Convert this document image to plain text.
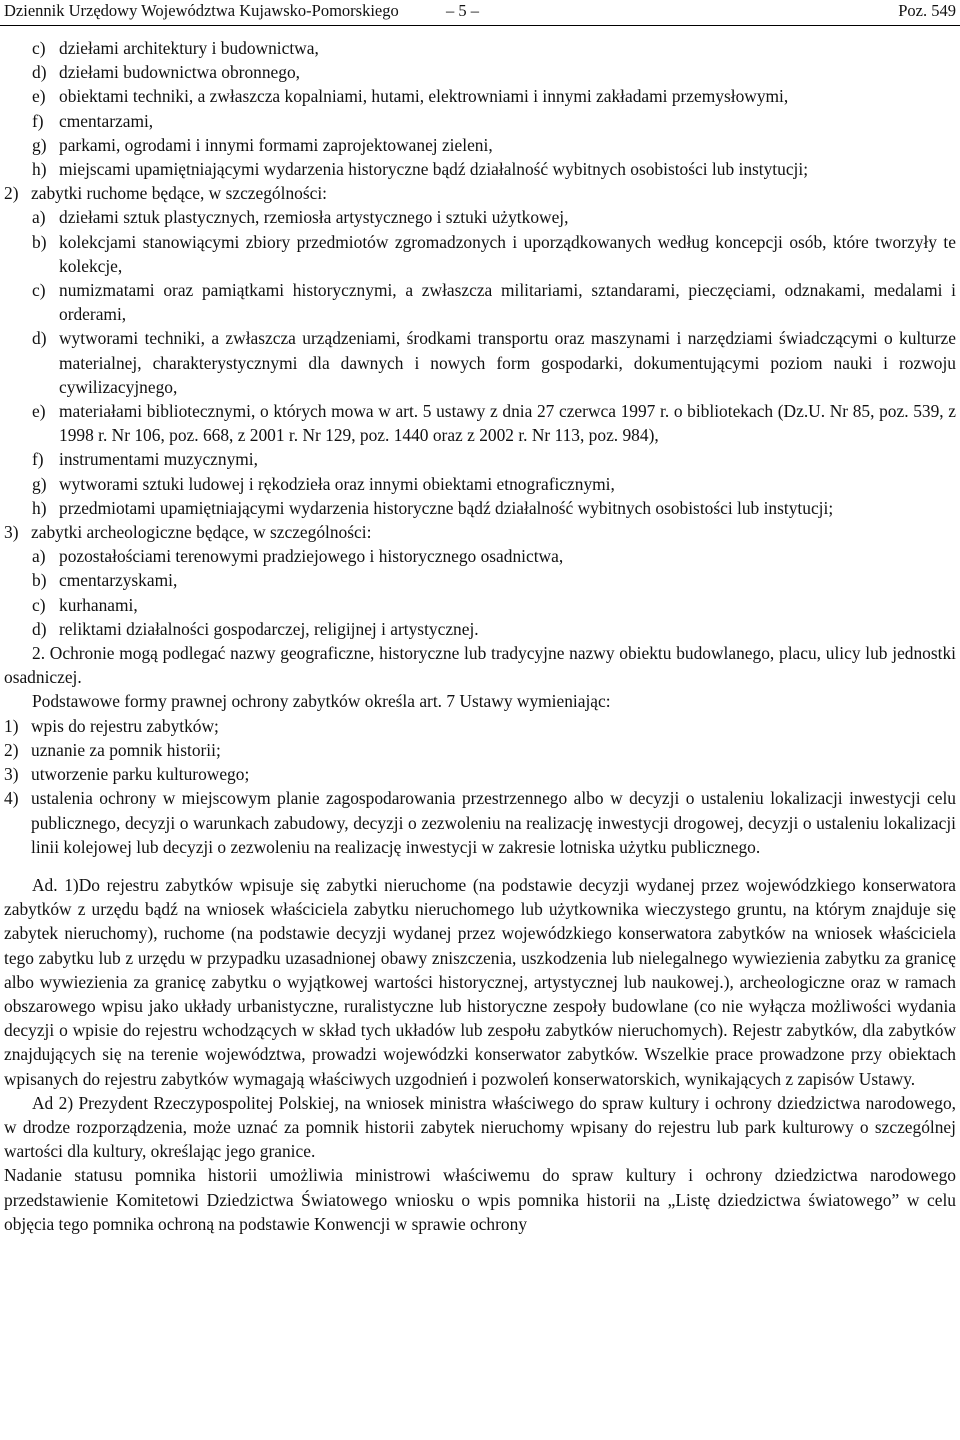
Dziennik Urzędowy Województwa Kujawsko-Pomorskiego	– 5 –	Poz. 549
c) dziełami architektury i budownictwa,
d) dziełami budownictwa obronnego,
e) obiektami techniki, a zwłaszcza kopalniami, hutami, elektrowniami i innymi zakładami przemysłowymi,
f) cmentarzami,
g) parkami, ogrodami i innymi formami zaprojektowanej zieleni,
h) miejscami upamiętniającymi wydarzenia historyczne bądź działalność wybitnych osobistości lub instytucji;
2) zabytki ruchome będące, w szczególności:
a) dziełami sztuk plastycznych, rzemiosła artystycznego i sztuki użytkowej,
b) kolekcjami stanowiącymi zbiory przedmiotów zgromadzonych i uporządkowanych według koncepcji osób, które tworzyły te kolekcje,
c) numizmatami oraz pamiątkami historycznymi, a zwłaszcza militariami, sztandarami, pieczęciami, odznakami, medalami i orderami,
d) wytworami techniki, a zwłaszcza urządzeniami, środkami transportu oraz maszynami i narzędziami świadczącymi o kulturze materialnej, charakterystycznymi dla dawnych i nowych form gospodarki, dokumentującymi poziom nauki i rozwoju cywilizacyjnego,
e) materiałami bibliotecznymi, o których mowa w art. 5 ustawy z dnia 27 czerwca 1997 r. o bibliotekach (Dz.U. Nr 85, poz. 539, z 1998 r. Nr 106, poz. 668, z 2001 r. Nr 129, poz. 1440 oraz z 2002 r. Nr 113, poz. 984),
f) instrumentami muzycznymi,
g) wytworami sztuki ludowej i rękodzieła oraz innymi obiektami etnograficznymi,
h) przedmiotami upamiętniającymi wydarzenia historyczne bądź działalność wybitnych osobistości lub instytucji;
3) zabytki archeologiczne będące, w szczególności:
a) pozostałościami terenowymi pradziejowego i historycznego osadnictwa,
b) cmentarzyskami,
c) kurhanami,
d) reliktami działalności gospodarczej, religijnej i artystycznej.
2. Ochronie mogą podlegać nazwy geograficzne, historyczne lub tradycyjne nazwy obiektu budowlanego, placu, ulicy lub jednostki osadniczej.
Podstawowe formy prawnej ochrony zabytków określa art. 7 Ustawy wymieniając:
1) wpis do rejestru zabytków;
2) uznanie za pomnik historii;
3) utworzenie parku kulturowego;
4) ustalenia ochrony w miejscowym planie zagospodarowania przestrzennego albo w decyzji o ustaleniu lokalizacji inwestycji celu publicznego, decyzji o warunkach zabudowy, decyzji o zezwoleniu na realizację inwestycji drogowej, decyzji o ustaleniu lokalizacji linii kolejowej lub decyzji o zezwoleniu na realizację inwestycji w zakresie lotniska użytku publicznego.
Ad. 1)Do rejestru zabytków wpisuje się zabytki nieruchome (na podstawie decyzji wydanej przez wojewódzkiego konserwatora zabytków z urzędu bądź na wniosek właściciela zabytku nieruchomego lub użytkownika wieczystego gruntu, na którym znajduje się zabytek nieruchomy), ruchome (na podstawie decyzji wydanej przez wojewódzkiego konserwatora zabytków na wniosek właściciela tego zabytku lub z urzędu w przypadku uzasadnionej obawy zniszczenia, uszkodzenia lub nielegalnego wywiezienia zabytku za granicę albo wywiezienia za granicę zabytku o wyjątkowej wartości historycznej, artystycznej lub naukowej.), archeologiczne oraz w ramach obszarowego wpisu jako układy urbanistyczne, ruralistyczne lub historyczne zespoły budowlane (co nie wyłącza możliwości wydania decyzji o wpisie do rejestru wchodzących w skład tych układów lub zespołu zabytków nieruchomych). Rejestr zabytków, dla zabytków znajdujących się na terenie województwa, prowadzi wojewódzki konserwator zabytków. Wszelkie prace prowadzone przy obiektach wpisanych do rejestru zabytków wymagają właściwych uzgodnień i pozwoleń konserwatorskich, wynikających z zapisów Ustawy.
Ad 2) Prezydent Rzeczypospolitej Polskiej, na wniosek ministra właściwego do spraw kultury i ochrony dziedzictwa narodowego, w drodze rozporządzenia, może uznać za pomnik historii zabytek nieruchomy wpisany do rejestru lub park kulturowy o szczególnej wartości dla kultury, określając jego granice.
Nadanie statusu pomnika historii umożliwia ministrowi właściwemu do spraw kultury i ochrony dziedzictwa narodowego przedstawienie Komitetowi Dziedzictwa Światowego wniosku o wpis pomnika historii na „Listę dziedzictwa światowego” w celu objęcia tego pomnika ochroną na podstawie Konwencji w sprawie ochrony
